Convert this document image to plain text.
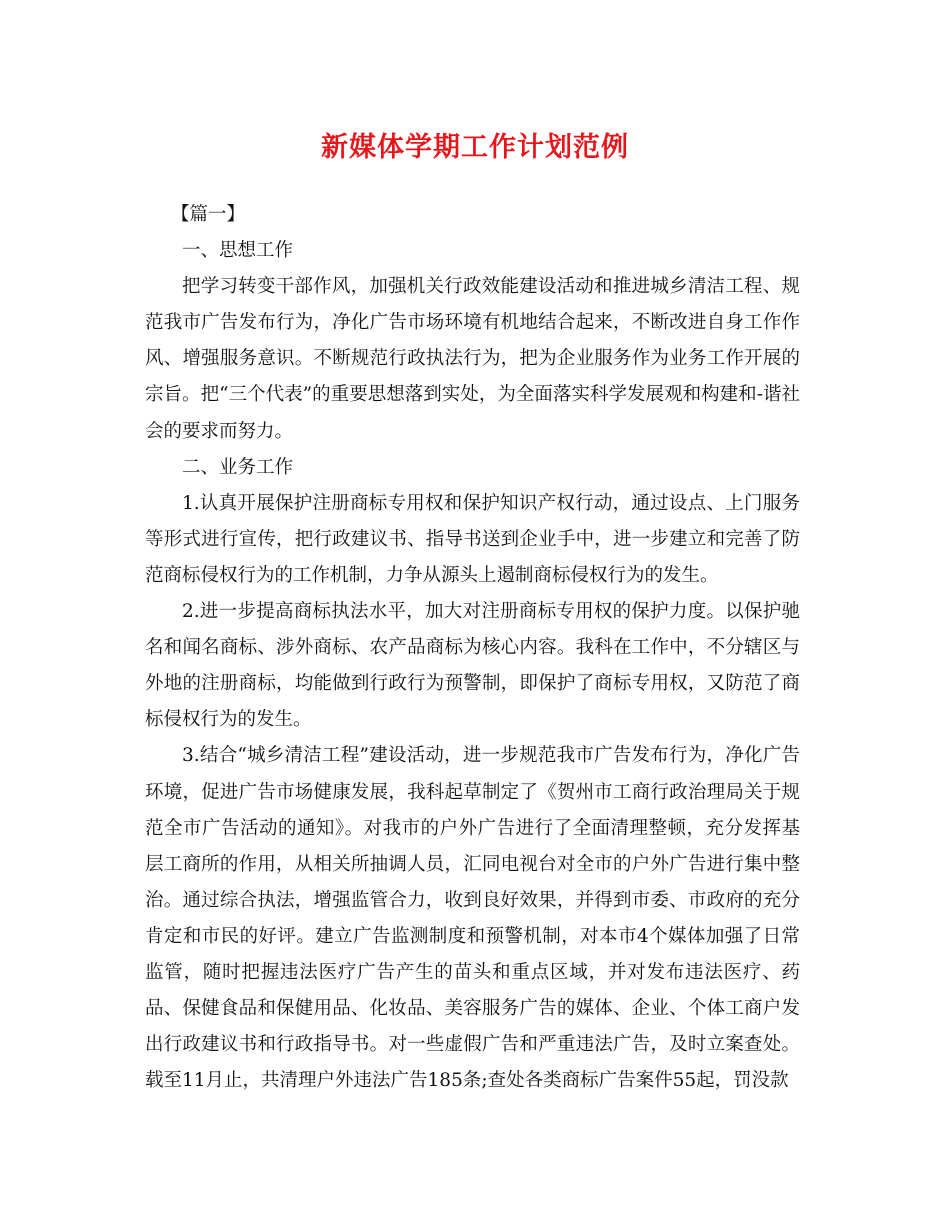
新媒体学期工作计划范例

【篇一】

一、思想工作

把学习转变干部作风，加强机关行政效能建设活动和推进城乡清洁工程、规范我市广告发布行为，净化广告市场环境有机地结合起来，不断改进自身工作作风、增强服务意识。不断规范行政执法行为，把为企业服务作为业务工作开展的宗旨。把“三个代表”的重要思想落到实处，为全面落实科学发展观和构建和-谐社会的要求而努力。

二、业务工作

1.认真开展保护注册商标专用权和保护知识产权行动，通过设点、上门服务等形式进行宣传，把行政建议书、指导书送到企业手中，进一步建立和完善了防范商标侵权行为的工作机制，力争从源头上遏制商标侵权行为的发生。

2.进一步提高商标执法水平，加大对注册商标专用权的保护力度。以保护驰名和闻名商标、涉外商标、农产品商标为核心内容。我科在工作中，不分辖区与外地的注册商标，均能做到行政行为预警制，即保护了商标专用权，又防范了商标侵权行为的发生。

3.结合“城乡清洁工程”建设活动，进一步规范我市广告发布行为，净化广告环境，促进广告市场健康发展，我科起草制定了《贺州市工商行政治理局关于规范全市广告活动的通知》。对我市的户外广告进行了全面清理整顿，充分发挥基层工商所的作用，从相关所抽调人员，汇同电视台对全市的户外广告进行集中整治。通过综合执法，增强监管合力，收到良好效果，并得到市委、市政府的充分肯定和市民的好评。建立广告监测制度和预警机制，对本市4个媒体加强了日常监管，随时把握违法医疗广告产生的苗头和重点区域，并对发布违法医疗、药品、保健食品和保健用品、化妆品、美容服务广告的媒体、企业、个体工商户发出行政建议书和行政指导书。对一些虚假广告和严重违法广告，及时立案查处。载至11月止，共清理户外违法广告185条;查处各类商标广告案件55起，罚没款
